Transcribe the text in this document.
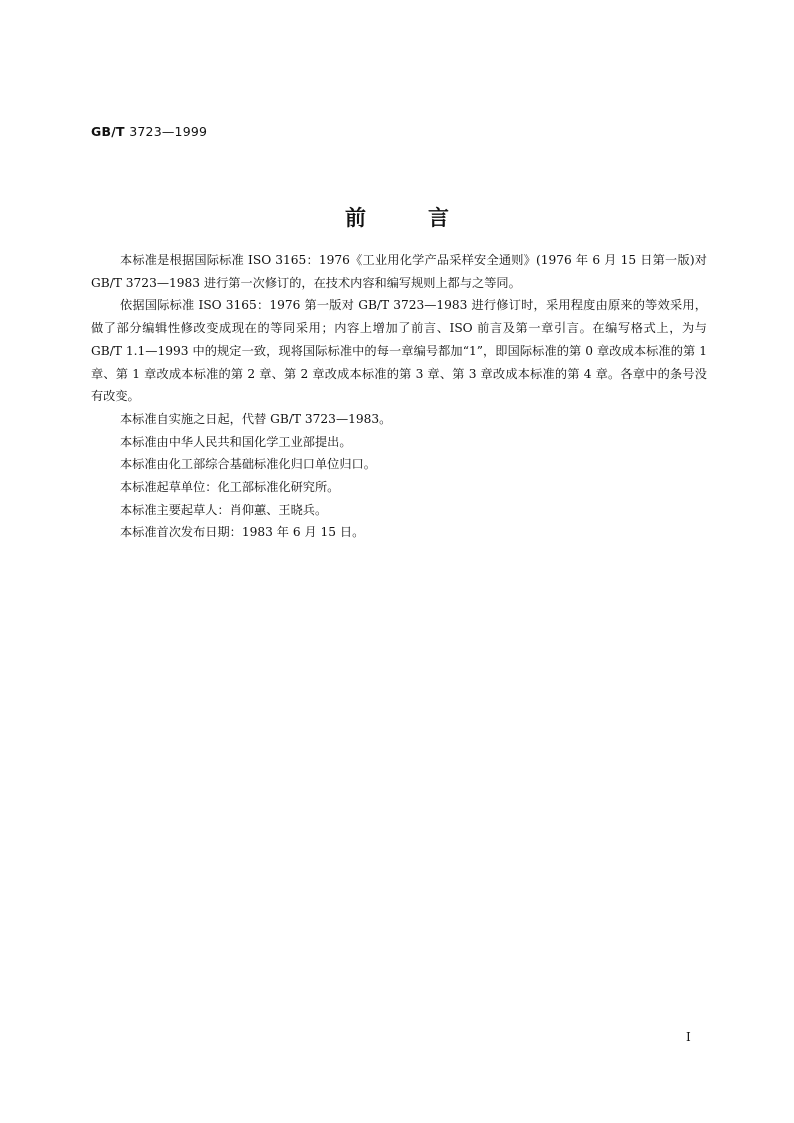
GB/T 3723—1999
前	言

本标准是根据国际标准 ISO 3165：1976《工业用化学产品采样安全通则》(1976 年 6 月 15 日第一版)对 GB/T 3723—1983 进行第一次修订的，在技术内容和编写规则上都与之等同。

依据国际标准 ISO 3165：1976 第一版对 GB/T 3723—1983 进行修订时，采用程度由原来的等效采用，做了部分编辑性修改变成现在的等同采用；内容上增加了前言、ISO 前言及第一章引言。在编写格式上，为与 GB/T 1.1—1993 中的规定一致，现将国际标准中的每一章编号都加“1”，即国际标准的第 0 章改成本标准的第 1 章、第 1 章改成本标准的第 2 章、第 2 章改成本标准的第 3 章、第 3 章改成本标准的第 4 章。各章中的条号没有改变。

本标准自实施之日起，代替 GB/T 3723—1983。

本标准由中华人民共和国化学工业部提出。

本标准由化工部综合基础标准化归口单位归口。

本标准起草单位：化工部标准化研究所。

本标准主要起草人：肖仰蕙、王晓兵。

本标准首次发布日期：1983 年 6 月 15 日。

I
